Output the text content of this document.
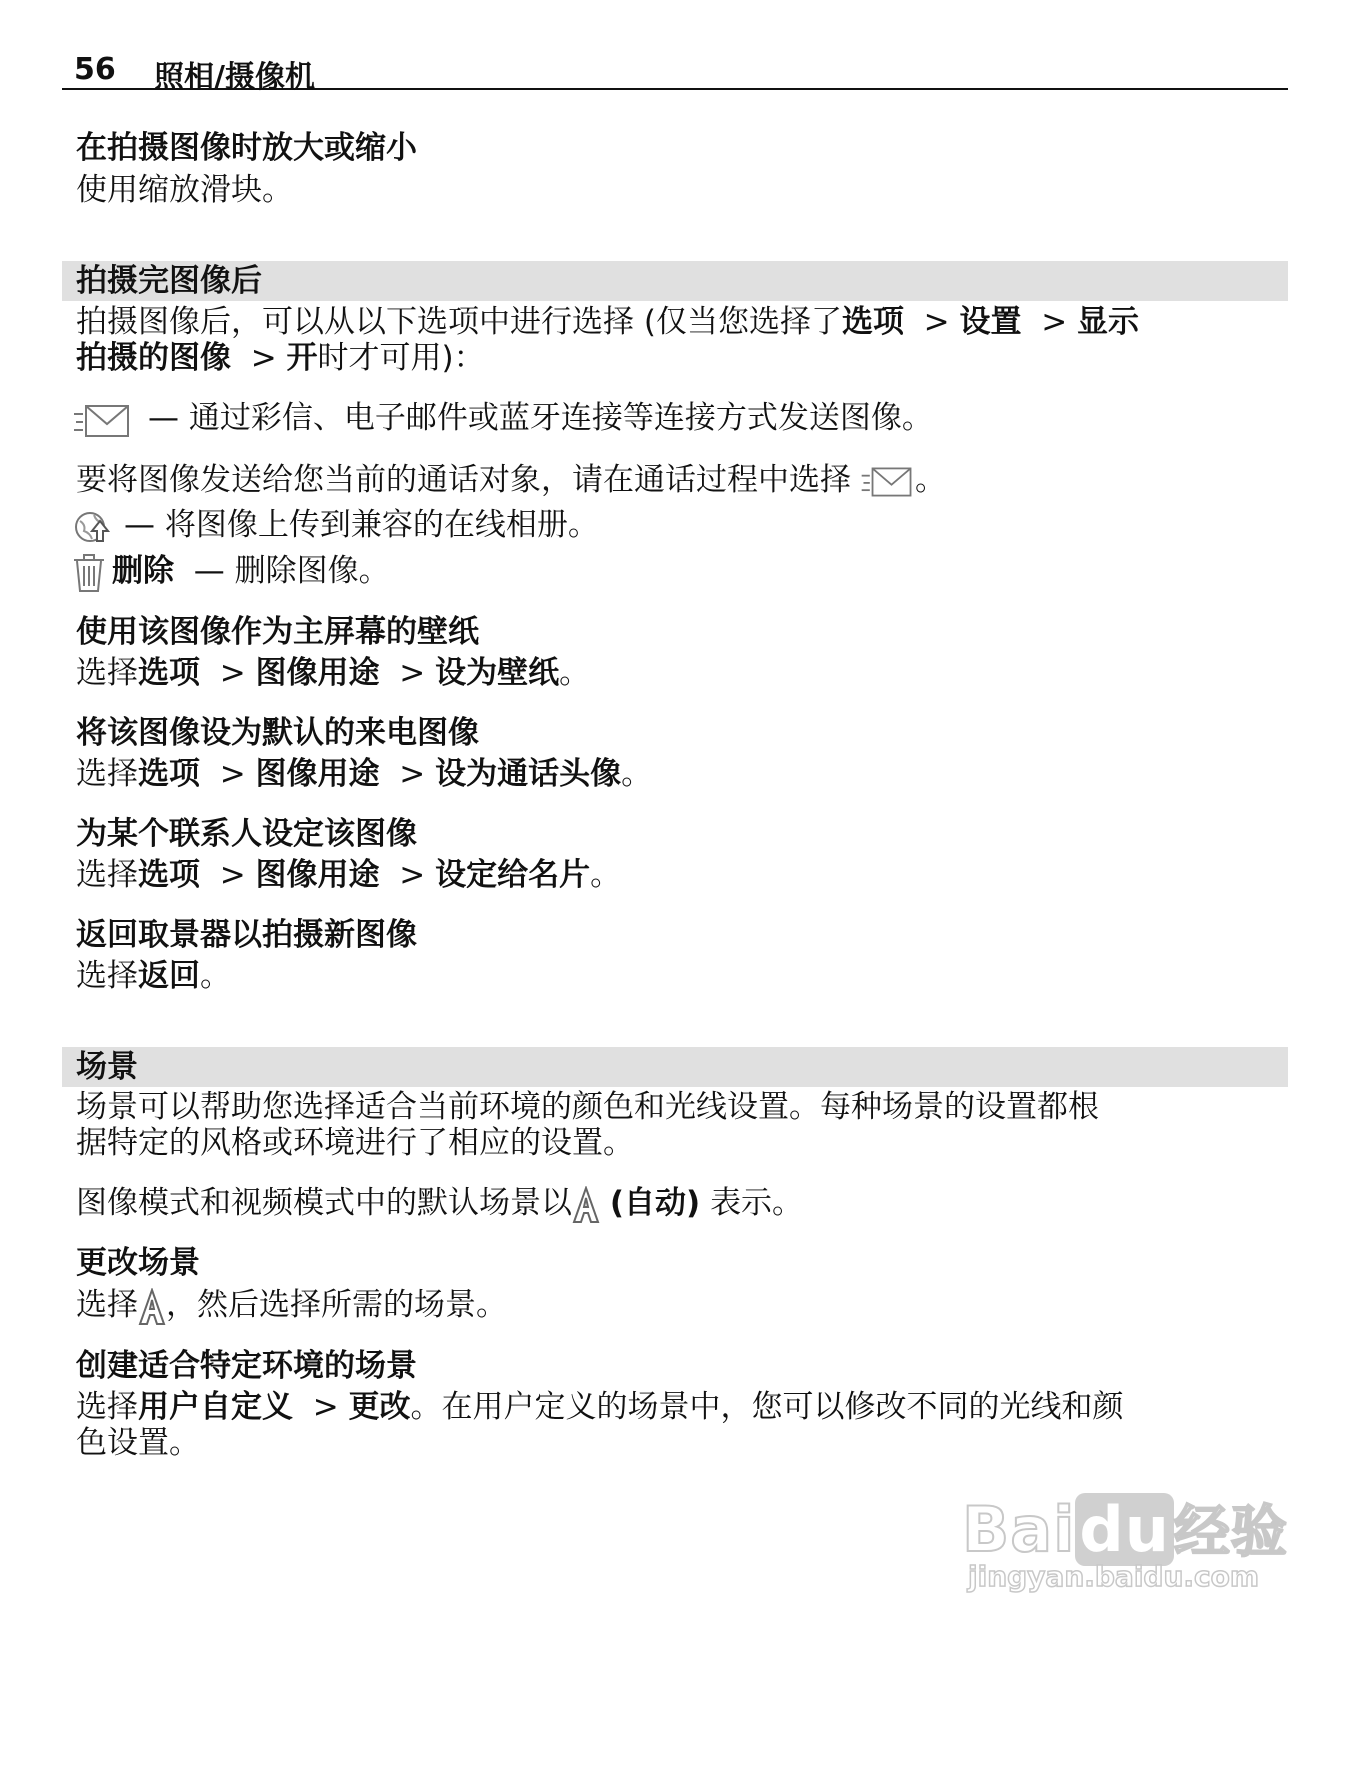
56 照相/摄像机
在拍摄图像时放大或缩小
使用缩放滑块。
拍摄完图像后
拍摄图像后，可以从以下选项中进行选择 (仅当您选择了选项  > 设置  > 显示
拍摄的图像  > 开时才可用)：
— 通过彩信、电子邮件或蓝牙连接等连接方式发送图像。
要将图像发送给您当前的通话对象，请在通话过程中选择 。
— 将图像上传到兼容的在线相册。
删除 — 删除图像。
使用该图像作为主屏幕的壁纸
选择选项  > 图像用途  > 设为壁纸。
将该图像设为默认的来电图像
选择选项  > 图像用途  > 设为通话头像。
为某个联系人设定该图像
选择选项  > 图像用途  > 设定给名片。
返回取景器以拍摄新图像
选择返回。
场景
场景可以帮助您选择适合当前环境的颜色和光线设置。每种场景的设置都根
据特定的风格或环境进行了相应的设置。
图像模式和视频模式中的默认场景以 (自动) 表示。
更改场景
选择 ，然后选择所需的场景。
创建适合特定环境的场景
选择用户自定义  > 更改。在用户定义的场景中，您可以修改不同的光线和颜
色设置。
Baidu经验
jingyan.baidu.com
